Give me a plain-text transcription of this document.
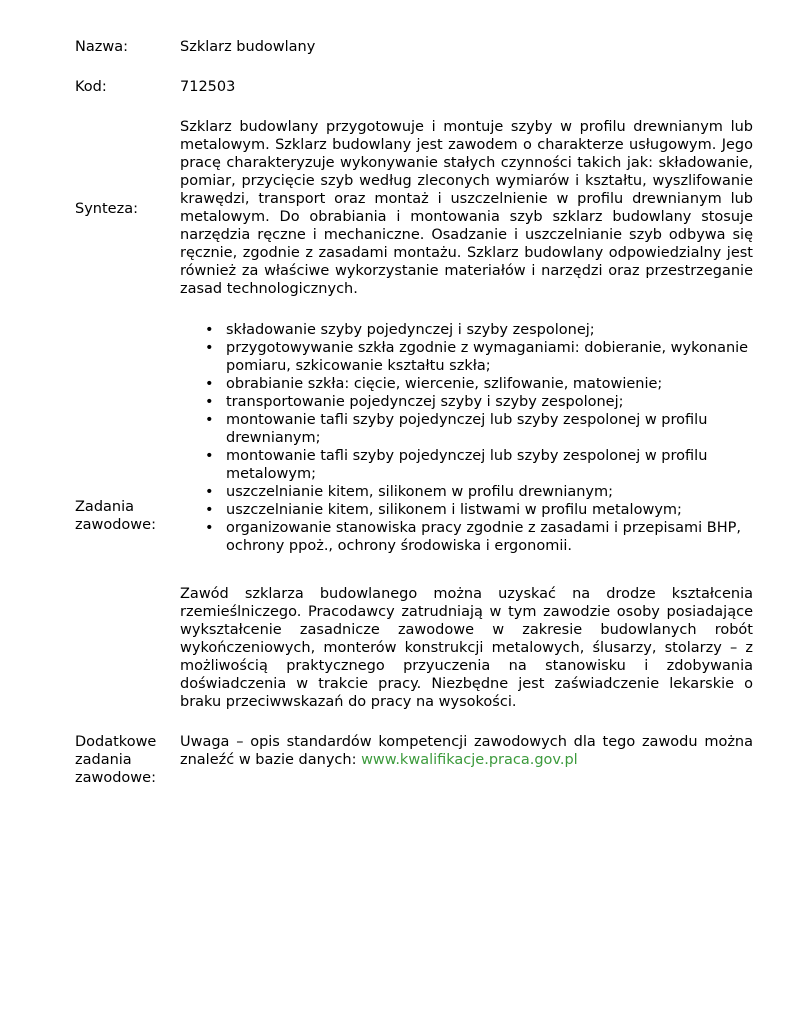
Nazwa:	Szklarz budowlany
Kod:	712503
Synteza:
Szklarz budowlany przygotowuje i montuje szyby w profilu drewnianym lub metalowym. Szklarz budowlany jest zawodem o charakterze usługowym. Jego pracę charakteryzuje wykonywanie stałych czynności takich jak: składowanie, pomiar, przycięcie szyb według zleconych wymiarów i kształtu, wyszlifowanie krawędzi, transport oraz montaż i uszczelnienie w profilu drewnianym lub metalowym. Do obrabiania i montowania szyb szklarz budowlany stosuje narzędzia ręczne i mechaniczne. Osadzanie i uszczelnianie szyb odbywa się ręcznie, zgodnie z zasadami montażu. Szklarz budowlany odpowiedzialny jest również za właściwe wykorzystanie materiałów i narzędzi oraz przestrzeganie zasad technologicznych.
Zadania zawodowe:
• składowanie szyby pojedynczej i szyby zespolonej;
• przygotowywanie szkła zgodnie z wymaganiami: dobieranie, wykonanie pomiaru, szkicowanie kształtu szkła;
• obrabianie szkła: cięcie, wiercenie, szlifowanie, matowienie;
• transportowanie pojedynczej szyby i szyby zespolonej;
• montowanie tafli szyby pojedynczej lub szyby zespolonej w profilu drewnianym;
• montowanie tafli szyby pojedynczej lub szyby zespolonej w profilu metalowym;
• uszczelnianie kitem, silikonem w profilu drewnianym;
• uszczelnianie kitem, silikonem i listwami w profilu metalowym;
• organizowanie stanowiska pracy zgodnie z zasadami i przepisami BHP, ochrony ppoż., ochrony środowiska i ergonomii.
Dodatkowe zadania zawodowe:

Zawód szklarza budowlanego można uzyskać na drodze kształcenia rzemieślniczego. Pracodawcy zatrudniają w tym zawodzie osoby posiadające wykształcenie zasadnicze zawodowe w zakresie budowlanych robót wykończeniowych, monterów konstrukcji metalowych, ślusarzy, stolarzy – z możliwością praktycznego przyuczenia na stanowisku i zdobywania doświadczenia w trakcie pracy. Niezbędne jest zaświadczenie lekarskie o braku przeciwwskazań do pracy na wysokości.

Uwaga – opis standardów kompetencji zawodowych dla tego zawodu można znaleźć w bazie danych: www.kwalifikacje.praca.gov.pl
